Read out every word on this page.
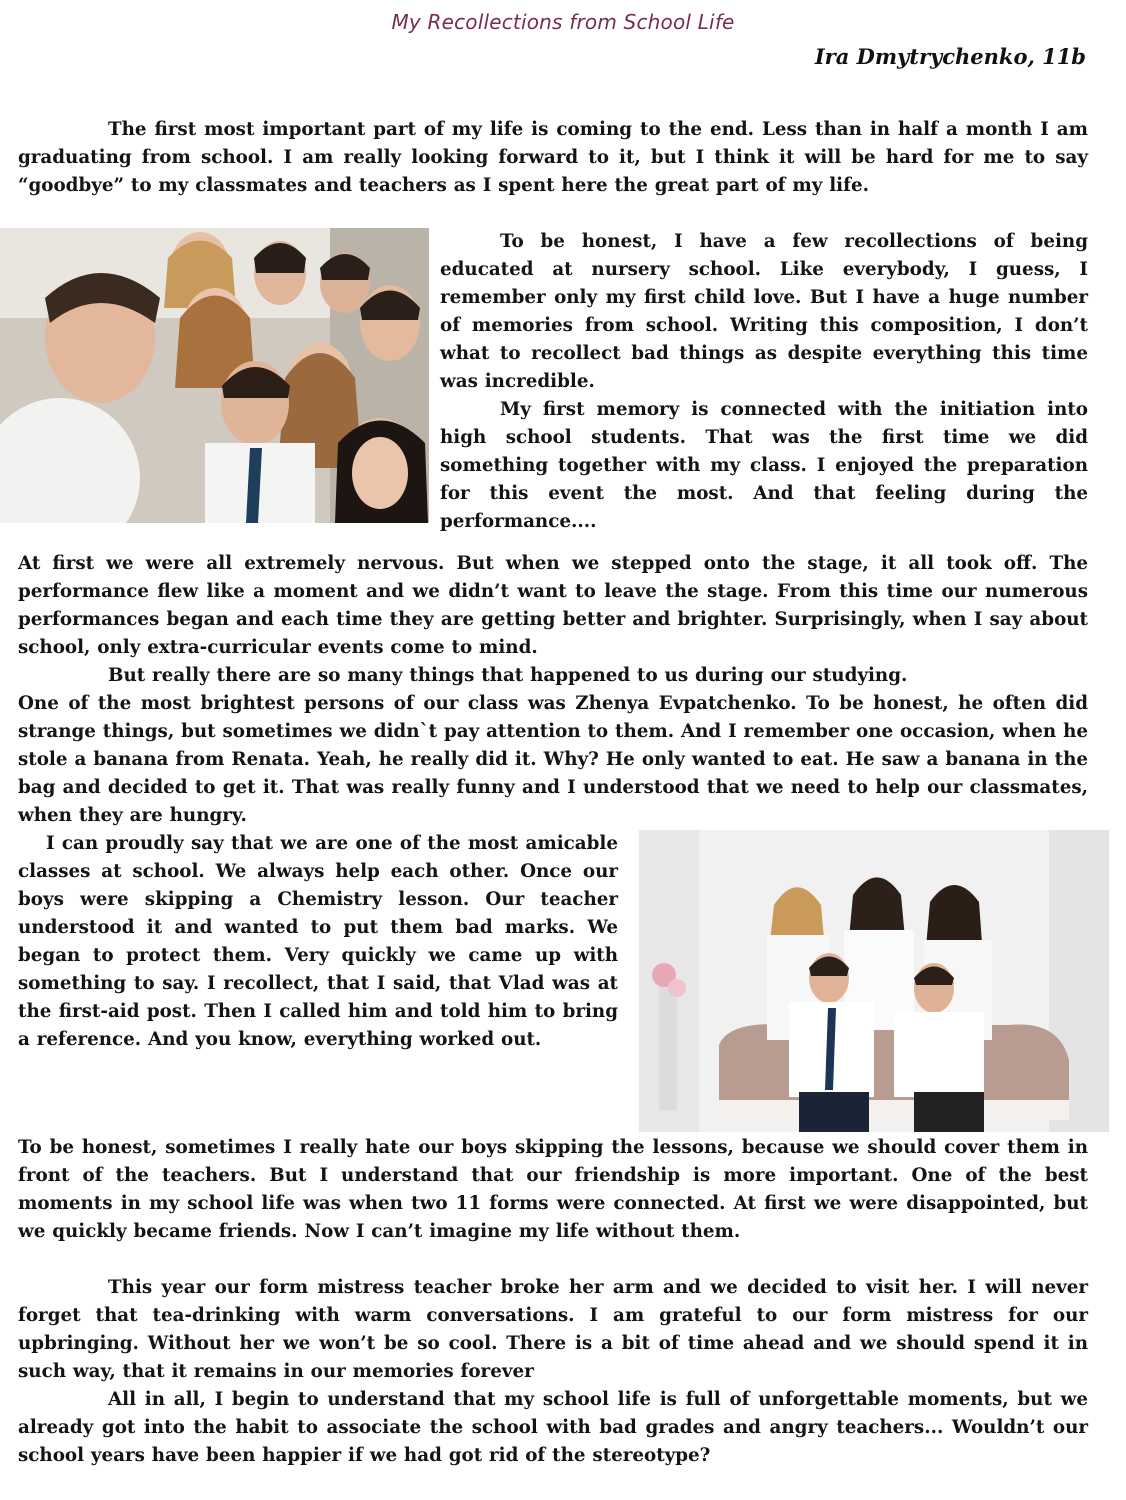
My Recollections from School Life
Ira Dmytrychenko, 11b

The first most important part of my life is coming to the end. Less than in half a month I am graduating from school. I am really looking forward to it, but I think it will be hard for me to say “goodbye” to my classmates and teachers as I spent here the great part of my life.

To be honest, I have a few recollections of being educated at nursery school. Like everybody, I guess, I remember only my first child love. But I have a huge number of memories from school. Writing this composition, I don’t what to recollect bad things as despite everything this time was incredible.

My first memory is connected with the initiation into high school students. That was the first time we did something together with my class. I enjoyed the preparation for this event the most. And that feeling during the performance....

At first we were all extremely nervous. But when we stepped onto the stage, it all took off. The performance flew like a moment and we didn’t want to leave the stage. From this time our numerous performances began and each time they are getting better and brighter. Surprisingly, when I say about school, only extra-curricular events come to mind.

But really there are so many things that happened to us during our studying.

One of the most brightest persons of our class was Zhenya Evpatchenko. To be honest, he often did strange things, but sometimes we didn`t pay attention to them. And I remember one occasion, when he stole a banana from Renata. Yeah, he really did it. Why? He only wanted to eat. He saw a banana in the bag and decided to get it. That was really funny and I understood that we need to help our classmates, when they are hungry.

I can proudly say that we are one of the most amicable classes at school. We always help each other. Once our boys were skipping a Chemistry lesson. Our teacher understood it and wanted to put them bad marks. We began to protect them. Very quickly we came up with something to say. I recollect, that I said, that Vlad was at the first-aid post. Then I called him and told him to bring a reference. And you know, everything worked out.

To be honest, sometimes I really hate our boys skipping the lessons, because we should cover them in front of the teachers. But I understand that our friendship is more important. One of the best moments in my school life was when two 11 forms were connected. At first we were disappointed, but we quickly became friends. Now I can’t imagine my life without them.

This year our form mistress teacher broke her arm and we decided to visit her. I will never forget that tea-drinking with warm conversations. I am grateful to our form mistress for our upbringing. Without her we won’t be so cool. There is a bit of time ahead and we should spend it in such way, that it remains in our memories forever

All in all, I begin to understand that my school life is full of unforgettable moments, but we already got into the habit to associate the school with bad grades and angry teachers... Wouldn’t our school years have been happier if we had got rid of the stereotype?
